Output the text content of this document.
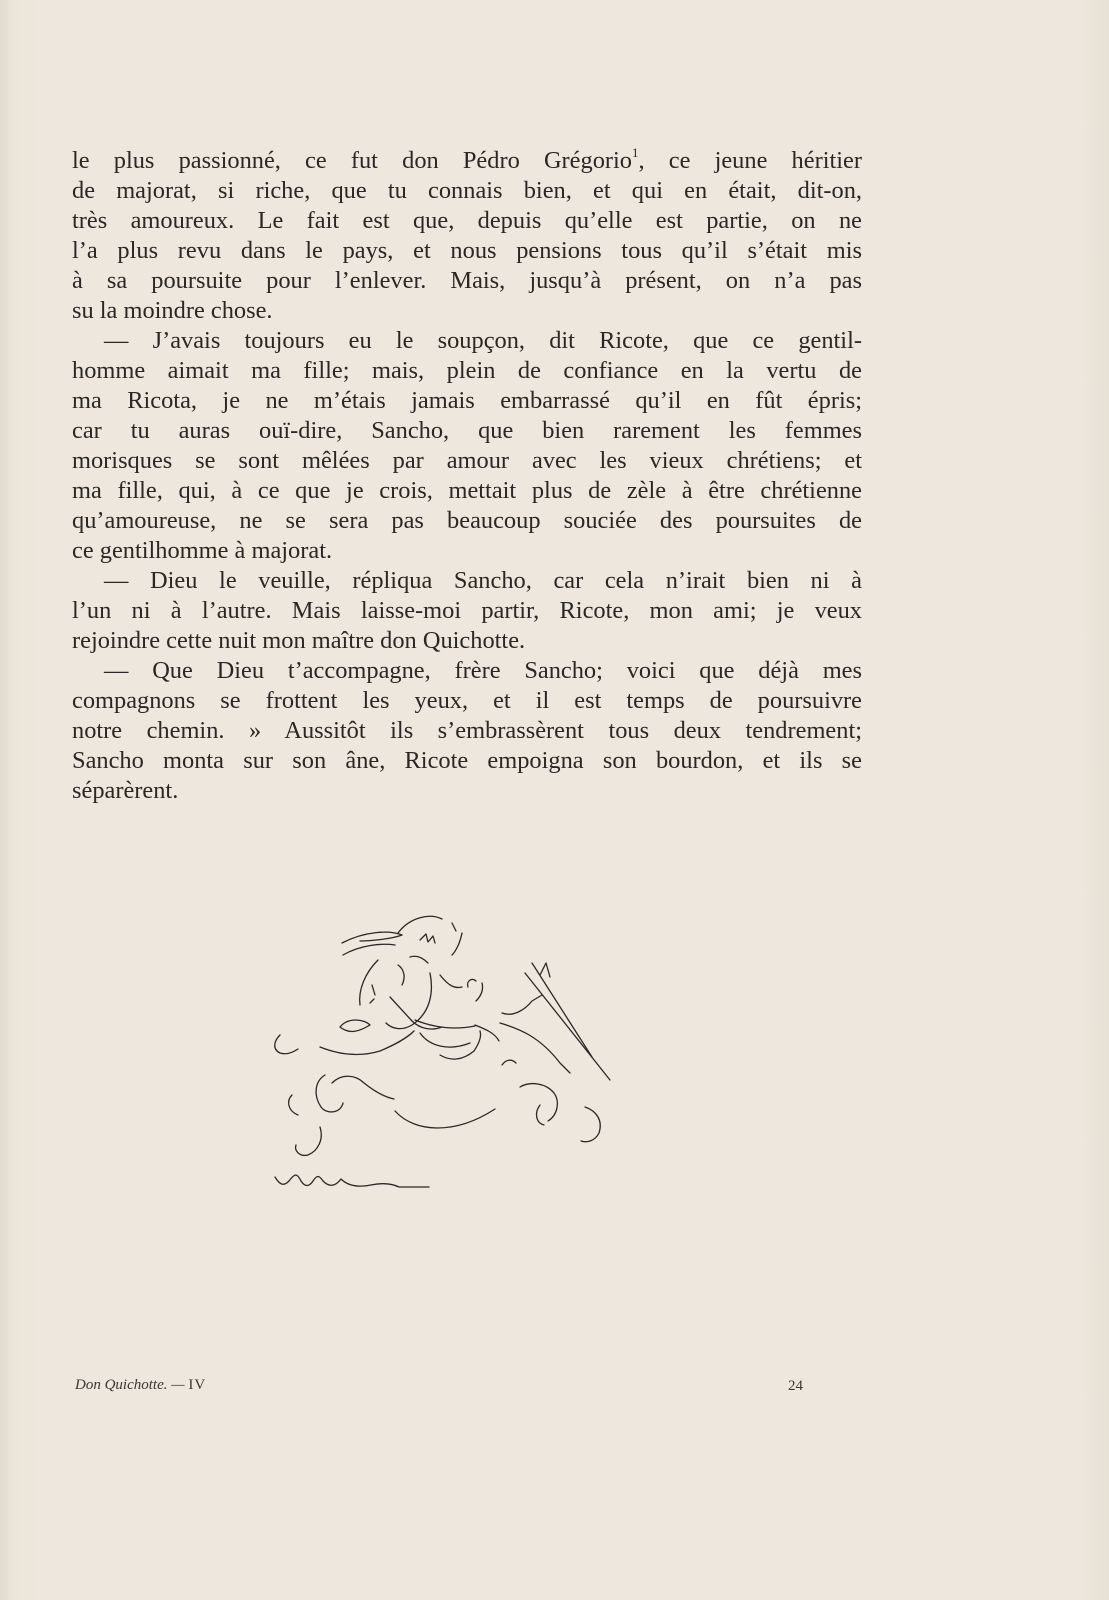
le plus passionné, ce fut don Pédro Grégorio$^1$, ce jeune héritier
de majorat, si riche, que tu connais bien, et qui en était, dit-on,
très amoureux. Le fait est que, depuis qu’elle est partie, on ne
l’a plus revu dans le pays, et nous pensions tous qu’il s’était mis
à sa poursuite pour l’enlever. Mais, jusqu’à présent, on n’a pas
su la moindre chose.
— J’avais toujours eu le soupçon, dit Ricote, que ce gentil-
homme aimait ma fille; mais, plein de confiance en la vertu de
ma Ricota, je ne m’étais jamais embarrassé qu’il en fût épris;
car tu auras ouï-dire, Sancho, que bien rarement les femmes
morisques se sont mêlées par amour avec les vieux chrétiens; et
ma fille, qui, à ce que je crois, mettait plus de zèle à être chrétienne
qu’amoureuse, ne se sera pas beaucoup souciée des poursuites de
ce gentilhomme à majorat.
— Dieu le veuille, répliqua Sancho, car cela n’irait bien ni à
l’un ni à l’autre. Mais laisse-moi partir, Ricote, mon ami; je veux
rejoindre cette nuit mon maître don Quichotte.
— Que Dieu t’accompagne, frère Sancho; voici que déjà mes
compagnons se frottent les yeux, et il est temps de poursuivre
notre chemin. » Aussitôt ils s’embrassèrent tous deux tendrement;
Sancho monta sur son âne, Ricote empoigna son bourdon, et ils se
séparèrent.
Don Quichotte. — IV	24
